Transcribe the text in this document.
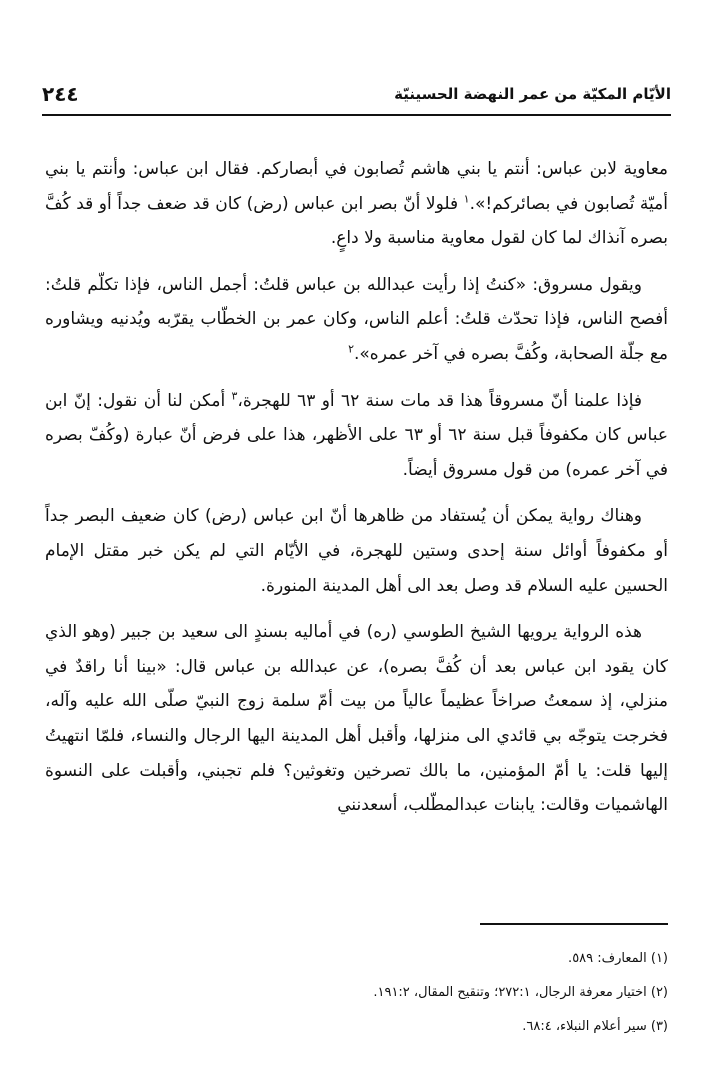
الأيّام المكيّة من عمر النهضة الحسينيّة
٢٤٤

معاوية لابن عباس: أنتم يا بني هاشم تُصابون في أبصاركم. فقال ابن عباس: وأنتم يا بني أميّة تُصابون في بصائركم!».$^١$ فلولا أنّ بصر ابن عباس (رض) كان قد ضعف جداً أو قد كُفَّ بصره آنذاك لما كان لقول معاوية مناسبة ولا داعٍ.

ويقول مسروق: «كنتُ إذا رأيت عبدالله بن عباس قلتُ: أجمل الناس، فإذا تكلّم قلتُ: أفصح الناس، فإذا تحدّث قلتُ: أعلم الناس، وكان عمر بن الخطّاب يقرّبه ويُدنيه ويشاوره مع جلّة الصحابة، وكُفَّ بصره في آخر عمره».$^٢$

فإذا علمنا أنّ مسروقاً هذا قد مات سنة ٦٢ أو ٦٣ للهجرة،$^٣$ أمكن لنا أن نقول: إنّ ابن عباس كان مكفوفاً قبل سنة ٦٢ أو ٦٣ على الأظهر، هذا على فرض أنّ عبارة (وكُفّ بصره في آخر عمره) من قول مسروق أيضاً.

وهناك رواية يمكن أن يُستفاد من ظاهرها أنّ ابن عباس (رض) كان ضعيف البصر جداً أو مكفوفاً أوائل سنة إحدى وستين للهجرة، في الأيّام التي لم يكن خبر مقتل الإمام الحسين عليه السلام قد وصل بعد الى أهل المدينة المنورة.

هذه الرواية يرويها الشيخ الطوسي (ره) في أماليه بسندٍ الى سعيد بن جبير (وهو الذي كان يقود ابن عباس بعد أن كُفَّ بصره)، عن عبدالله بن عباس قال: «بينا أنا راقدٌ في منزلي، إذ سمعتُ صراخاً عظيماً عالياً من بيت أمّ سلمة زوج النبيّ صلّى الله عليه وآله، فخرجت يتوجّه بي قائدي الى منزلها، وأقبل أهل المدينة اليها الرجال والنساء، فلمّا انتهيتُ إليها قلت: يا أمّ المؤمنين، ما بالك تصرخين وتغوثين؟ فلم تجبني، وأقبلت على النسوة الهاشميات وقالت: يابنات عبدالمطّلب، أسعدنني

(١) المعارف: ٥٨٩.

(٢) اختيار معرفة الرجال، ٢٧٢:١؛ وتنقيح المقال، ١٩١:٢.

(٣) سير أعلام النبلاء، ٦٨:٤.
